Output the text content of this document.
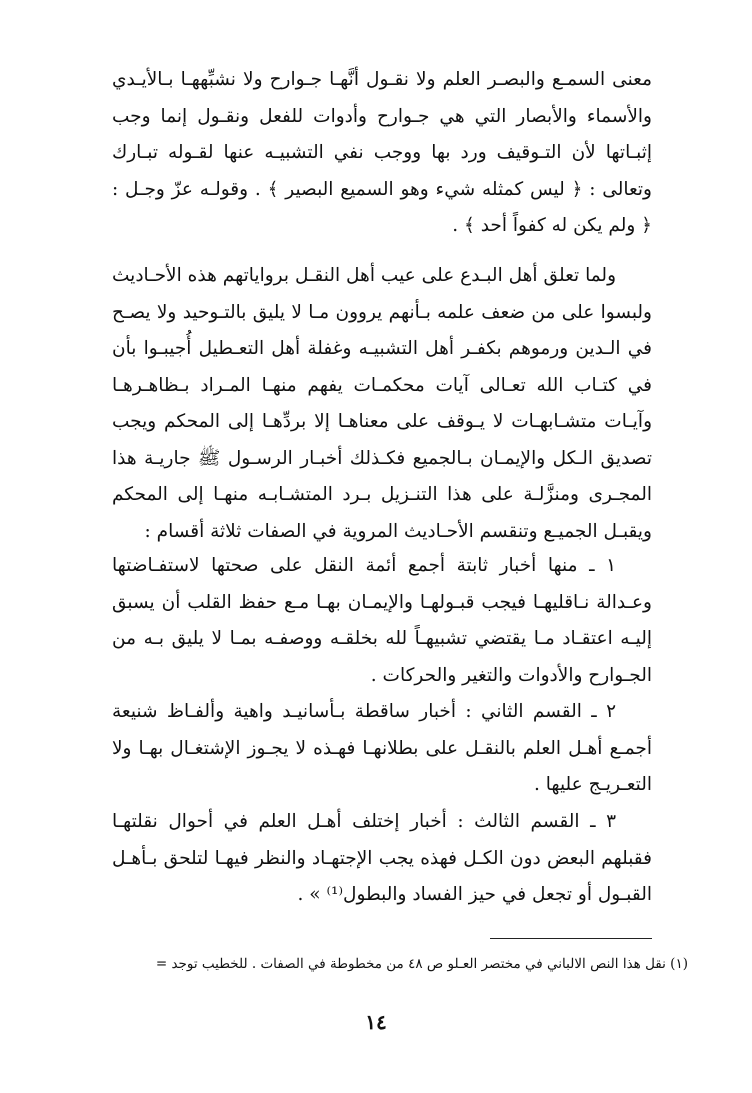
معنى السمـع والبصـر العلم ولا نقـول أنَّهـا جـوارح ولا نشبِّههـا بـالأيـدي والأسماء والأبصار التي هي جـوارح وأدوات للفعل ونقـول إنما وجب إثبـاتها لأن التـوقيف ورد بها ووجب نفي التشبيـه عنها لقـوله تبـارك وتعالى : ﴿ ليس كمثله شيء وهو السميع البصير ﴾ . وقولـه عزّ وجـل : ﴿ ولم يكن له كفواً أحد ﴾ .

ولما تعلق أهل البـدع على عيب أهل النقـل برواياتهم هذه الأحـاديث ولبسوا على من ضعف علمه بـأنهم يروون مـا لا يليق بالتـوحيد ولا يصـح في الـدين ورموهم بكفـر أهل التشبيـه وغفلة أهل التعـطيل أُجيبـوا بأن في كتـاب الله تعـالى آيات محكمـات يفهم منهـا المـراد بـظاهـرهـا وآيـات متشـابهـات لا يـوقف على معناهـا إلا بردِّهـا إلى المحكم ويجب تصديق الـكل والإيمـان بـالجميع فكـذلك أخبـار الرسـول ﷺ جاريـة هذا المجـرى ومنزَّلـة على هذا التنـزيل بـرد المتشـابـه منهـا إلى المحكم ويقبـل الجميـع وتنقسم الأحـاديث المروية في الصفات ثلاثة أقسام :

١ ـ منها أخبار ثابتة أجمع أئمة النقل على صحتها لاستفـاضتها وعـدالة نـاقليهـا فيجب قبـولهـا والإيمـان بهـا مـع حفظ القلب أن يسبق إليـه اعتقـاد مـا يقتضي تشبيهـاً لله بخلقـه ووصفـه بمـا لا يليق بـه من الجـوارح والأدوات والتغير والحركات .

٢ ـ القسم الثاني : أخبار ساقطة بـأسانيـد واهية وألفـاظ شنيعة أجمـع أهـل العلم بالنقـل على بطلانهـا فهـذه لا يجـوز الإشتغـال بهـا ولا التعـريـج عليها .

٣ ـ القسم الثالث : أخبار إختلف أهـل العلم في أحوال نقلتهـا فقبلهم البعض دون الكـل فهذه يجب الإجتهـاد والنظر فيهـا لتلحق بـأهـل القبـول أو تجعل في حيز الفساد والبطول⁽¹⁾ » .

(١) نقل هذا النص الالباني في مختصر العـلو ص ٤٨ من مخطوطة في الصفات . للخطيب توجد =
١٤
